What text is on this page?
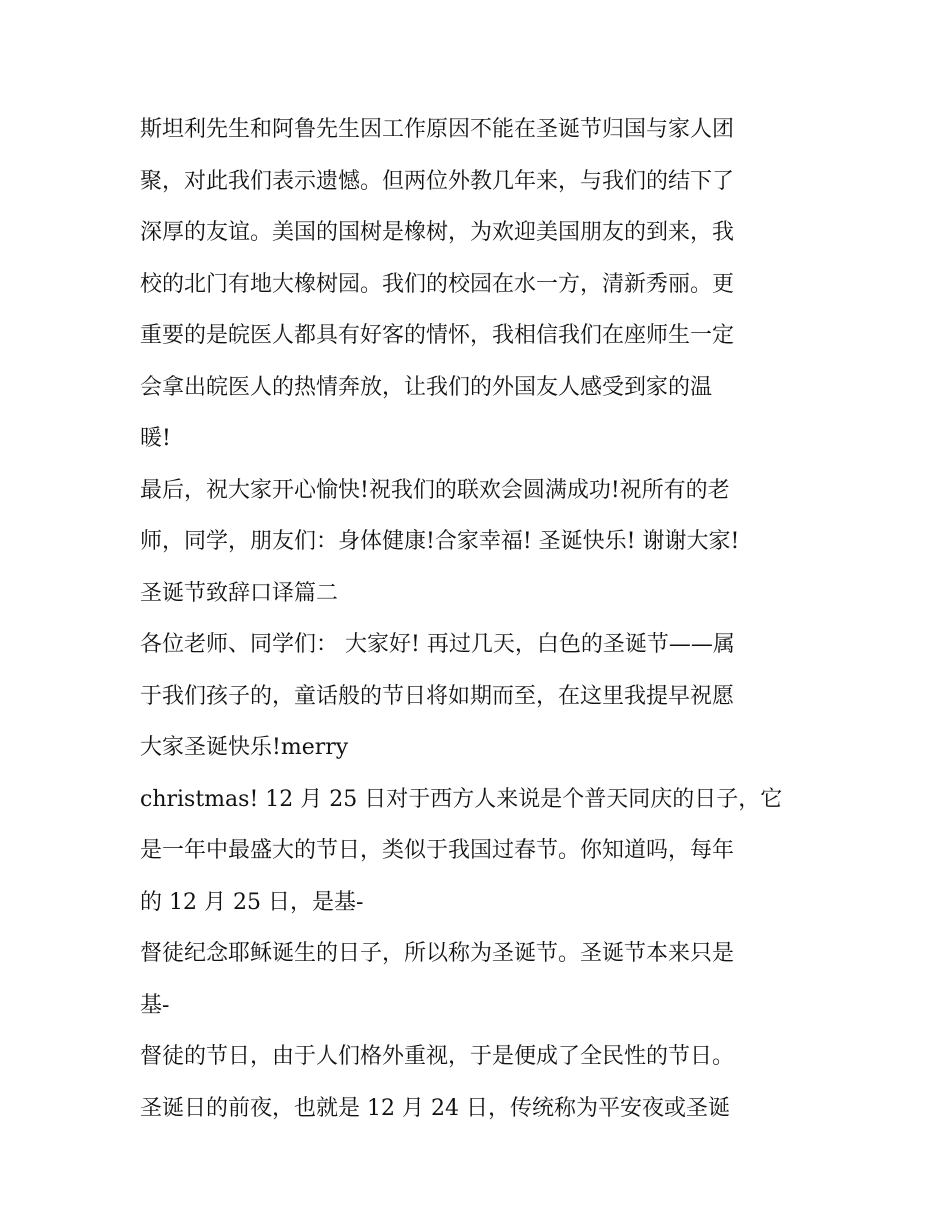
斯坦利先生和阿鲁先生因工作原因不能在圣诞节归国与家人团
聚，对此我们表示遗憾。但两位外教几年来，与我们的结下了
深厚的友谊。美国的国树是橡树，为欢迎美国朋友的到来，我
校的北门有地大橡树园。我们的校园在水一方，清新秀丽。更
重要的是皖医人都具有好客的情怀，我相信我们在座师生一定
会拿出皖医人的热情奔放，让我们的外国友人感受到家的温
暖!
最后，祝大家开心愉快!祝我们的联欢会圆满成功!祝所有的老
师，同学，朋友们：身体健康!合家幸福! 圣诞快乐! 谢谢大家!
圣诞节致辞口译篇二
各位老师、同学们： 大家好! 再过几天，白色的圣诞节——属
于我们孩子的，童话般的节日将如期而至，在这里我提早祝愿
大家圣诞快乐!merry
christmas! 12 月 25 日对于西方人来说是个普天同庆的日子，它
是一年中最盛大的节日，类似于我国过春节。你知道吗，每年
的 12 月 25 日，是基-
督徒纪念耶稣诞生的日子，所以称为圣诞节。圣诞节本来只是
基-
督徒的节日，由于人们格外重视，于是便成了全民性的节日。
圣诞日的前夜，也就是 12 月 24 日，传统称为平安夜或圣诞
